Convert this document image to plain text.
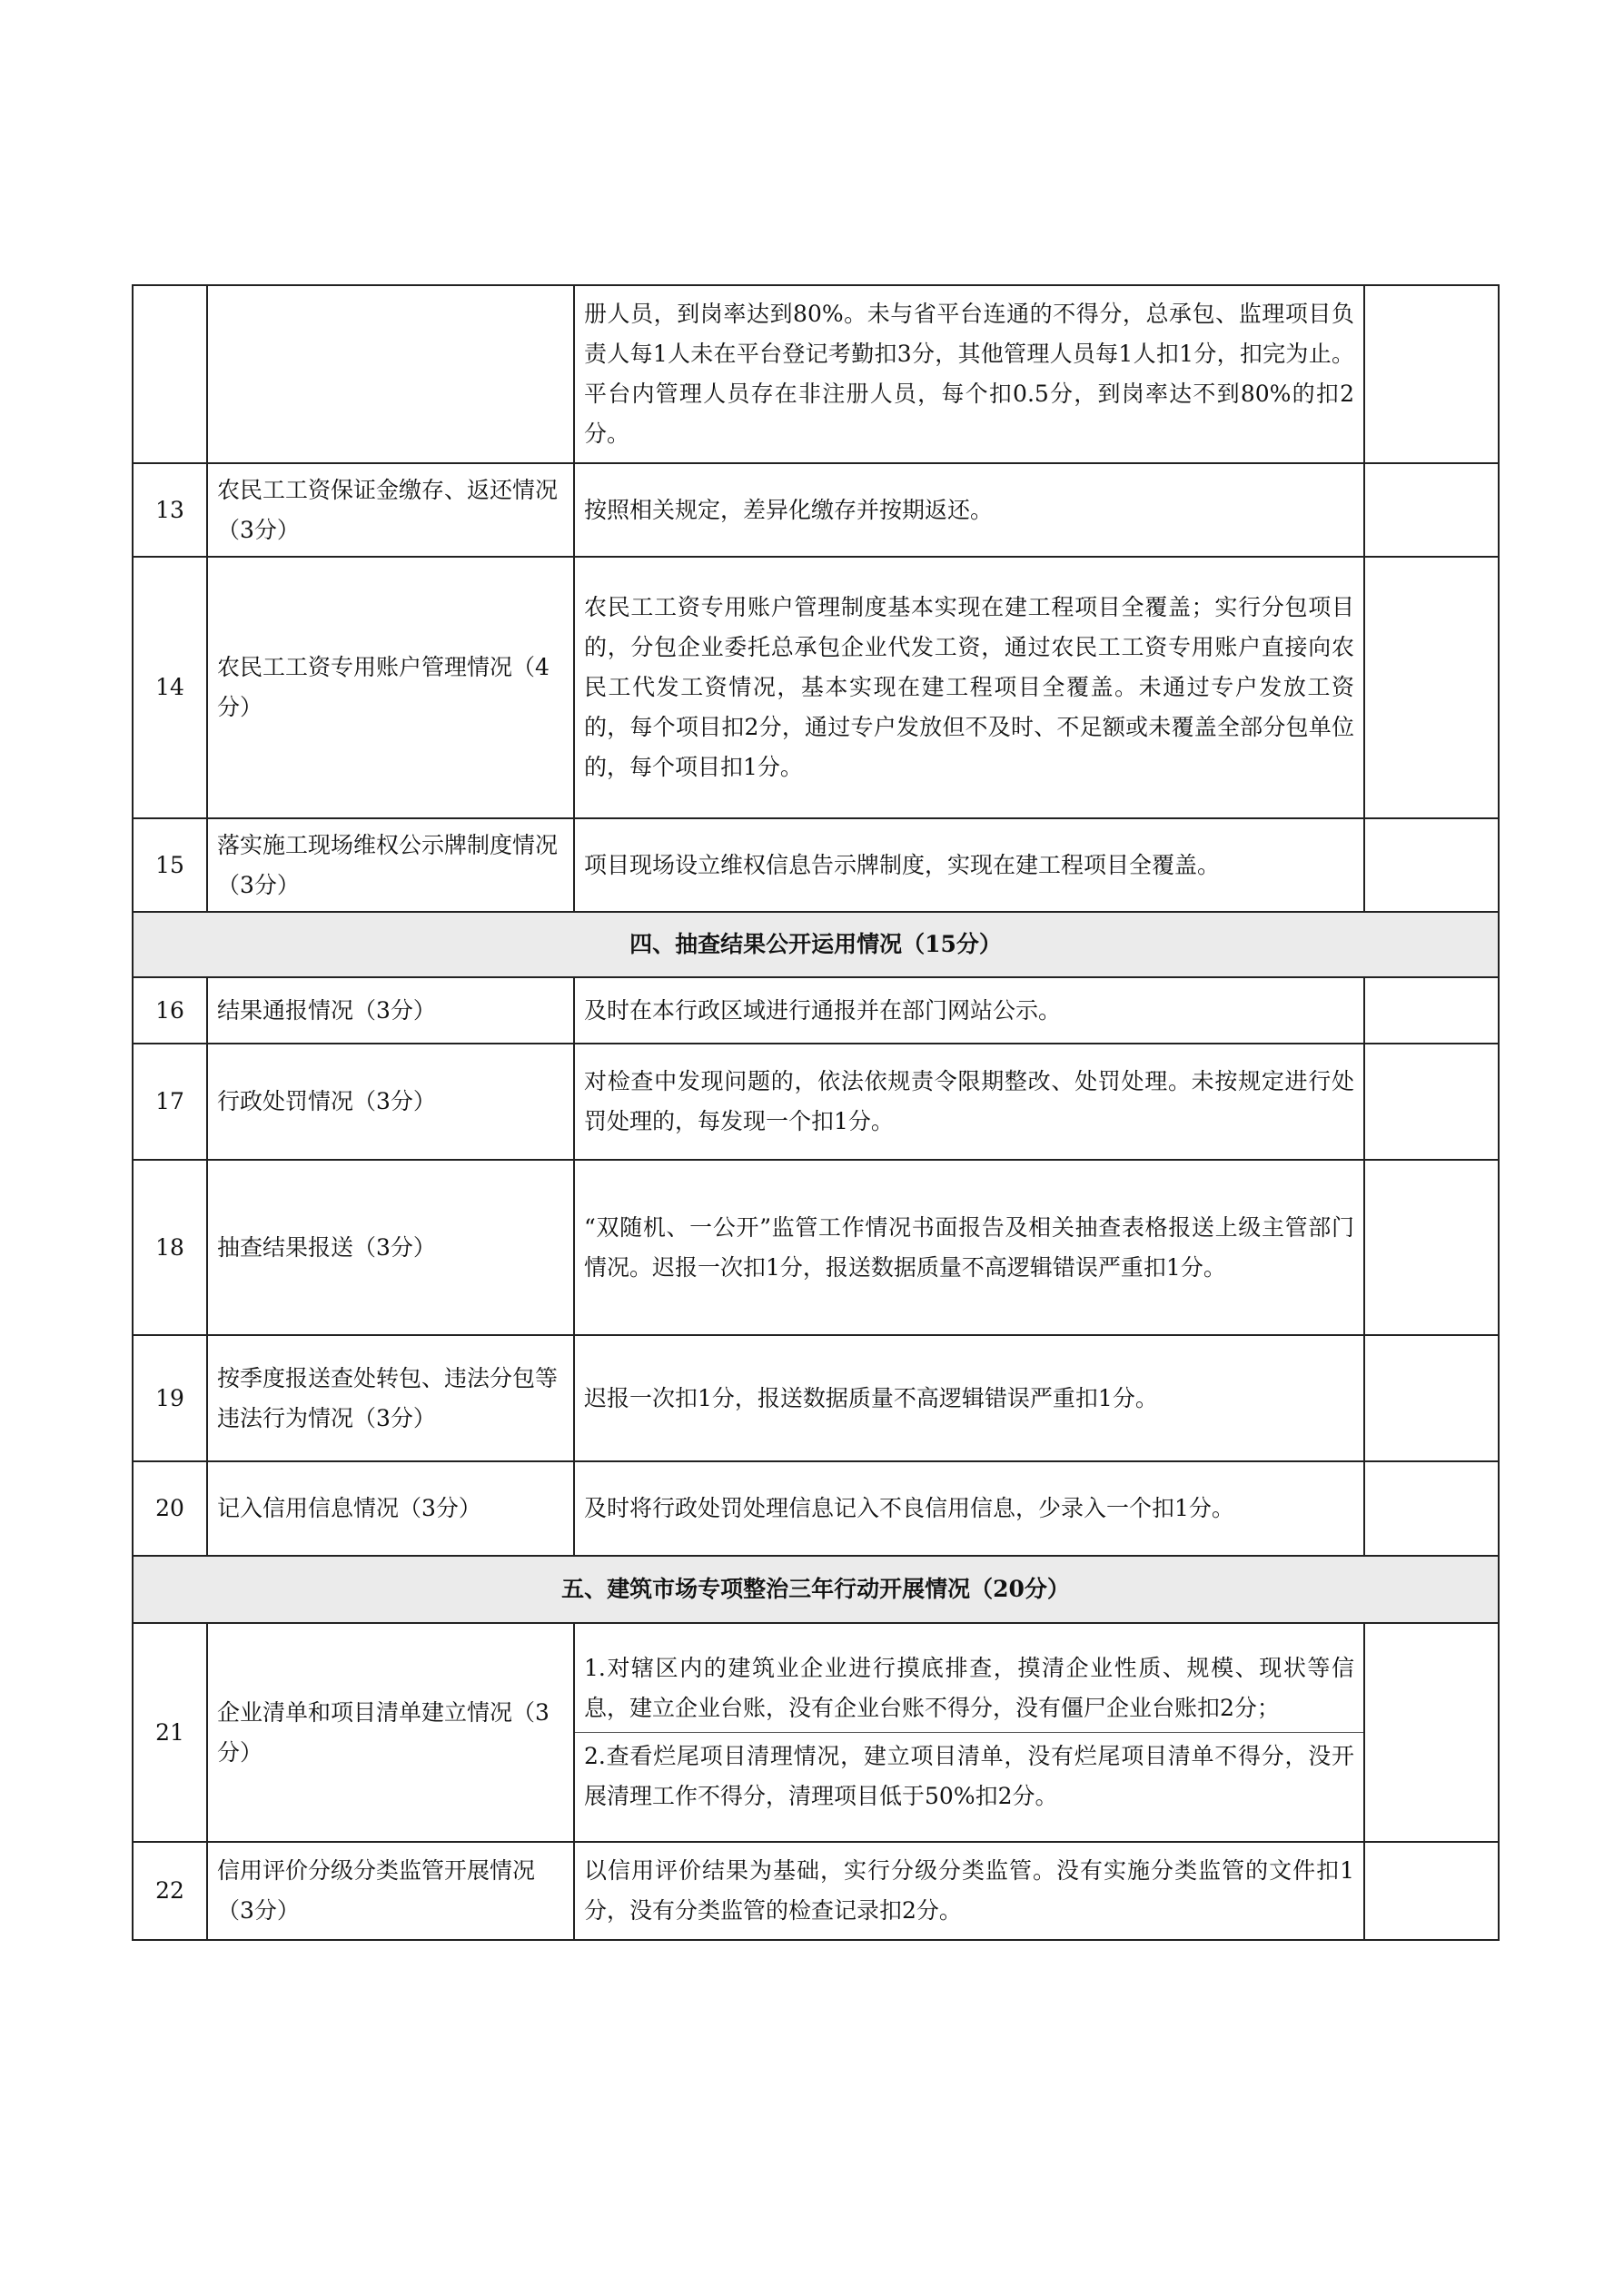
		册人员，到岗率达到80%。未与省平台连通的不得分，总承包、监理项目负责人每1人未在平台登记考勤扣3分，其他管理人员每1人扣1分，扣完为止。平台内管理人员存在非注册人员，每个扣0.5分，到岗率达不到80%的扣2分。	
13	农民工工资保证金缴存、返还情况（3分）	按照相关规定，差异化缴存并按期返还。	
14	农民工工资专用账户管理情况（4分）	农民工工资专用账户管理制度基本实现在建工程项目全覆盖；实行分包项目的，分包企业委托总承包企业代发工资，通过农民工工资专用账户直接向农民工代发工资情况，基本实现在建工程项目全覆盖。未通过专户发放工资的，每个项目扣2分，通过专户发放但不及时、不足额或未覆盖全部分包单位的，每个项目扣1分。	
15	落实施工现场维权公示牌制度情况（3分）	项目现场设立维权信息告示牌制度，实现在建工程项目全覆盖。	
四、抽查结果公开运用情况（15分）			
16	结果通报情况（3分）	及时在本行政区域进行通报并在部门网站公示。	
17	行政处罚情况（3分）	对检查中发现问题的，依法依规责令限期整改、处罚处理。未按规定进行处罚处理的，每发现一个扣1分。	
18	抽查结果报送（3分）	“双随机、一公开”监管工作情况书面报告及相关抽查表格报送上级主管部门情况。迟报一次扣1分，报送数据质量不高逻辑错误严重扣1分。	
19	按季度报送查处转包、违法分包等违法行为情况（3分）	迟报一次扣1分，报送数据质量不高逻辑错误严重扣1分。	
20	记入信用信息情况（3分）	及时将行政处罚处理信息记入不良信用信息，少录入一个扣1分。	
五、建筑市场专项整治三年行动开展情况（20分）			
21	企业清单和项目清单建立情况（3分）	1.对辖区内的建筑业企业进行摸底排查，摸清企业性质、规模、现状等信息，建立企业台账，没有企业台账不得分，没有僵尸企业台账扣2分；
2.查看烂尾项目清理情况，建立项目清单，没有烂尾项目清单不得分，没开展清理工作不得分，清理项目低于50%扣2分。	

22	信用评价分级分类监管开展情况（3分）	以信用评价结果为基础，实行分级分类监管。没有实施分类监管的文件扣1分，没有分类监管的检查记录扣2分。	
